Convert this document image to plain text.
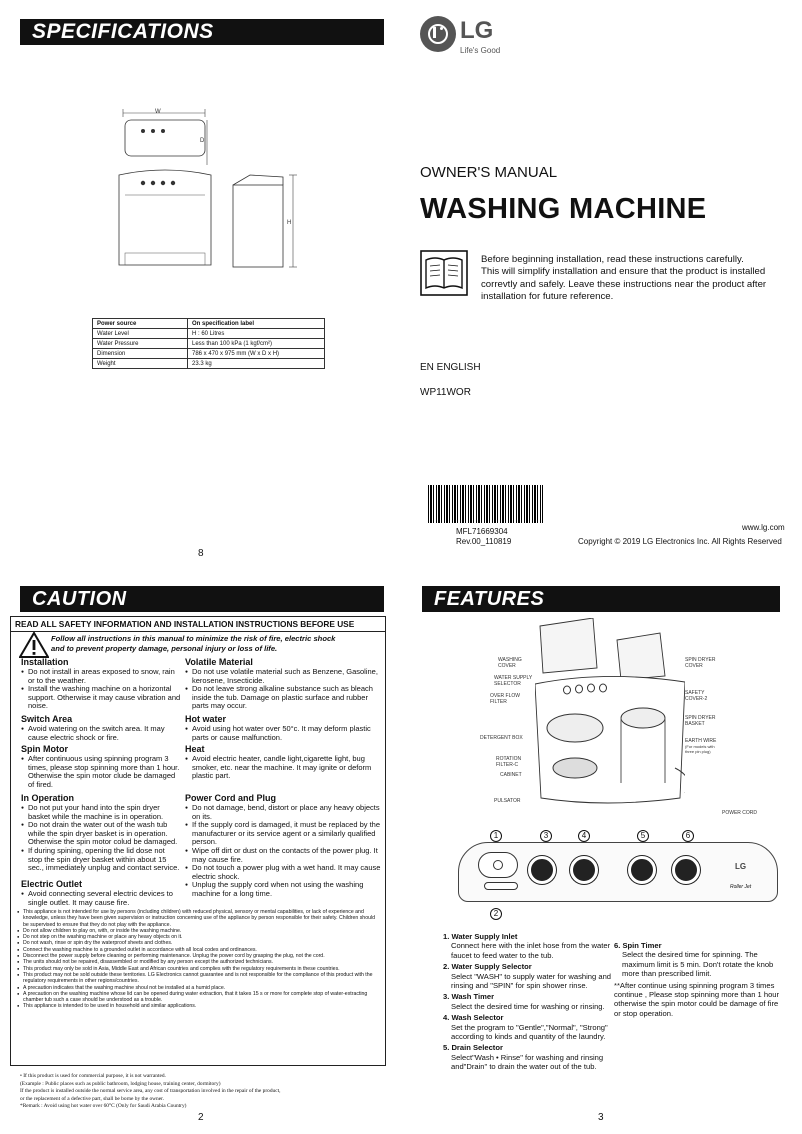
SPECIFICATIONS
W
D
H
Power source	On specification label
Water Level	H : 60 Litres
Water Pressure	Less than 100 kPa (1 kgf/cm²)
Dimension	786 x 470 x 975 mm (W x D x H)
Weight	23.3 kg
8
LG
Life's Good
OWNER'S MANUAL
WASHING MACHINE
Before beginning installation, read these instructions carefully.
This will simplify installation and ensure that the product is installed
correvtly and safely. Leave these instructions near the product after
installation for future reference.
EN ENGLISH
WP11WOR
MFL71669304
Rev.00_110819
www.lg.com
Copyright © 2019 LG Electronics Inc. All Rights Reserved
CAUTION
READ ALL SAFETY INFORMATION AND INSTALLATION INSTRUCTIONS BEFORE USE
Follow all instructions in this manual to minimize the risk of fire, electric shock
and to prevent property damage, personal injury or loss of life.
Installation

● Do not install in areas exposed to snow, rain or to the weather.

● Install the washing machine on a horizontal support. Otherwise it may cause vibration and noise.

Volatile Material

● Do not use volatile material such as Benzene, Gasoline, kerosene, Insecticide.

● Do not leave strong alkaline substance such as bleach inside the tub. Damage on plastic surface and rubber parts may occur.

Switch Area

● Avoid watering on the switch area. It may cause electric shock or fire.

Hot water

● Avoid using hot water over 50°c. It may deform plastic parts or cause malfunction.

Spin Motor

● After continuous using spinning program 3 times, please stop spinning more than 1 hour. Otherwise the spin motor clude be damaged of fired.

Heat

● Avoid electric heater, candle light,cigarette light, bug smoker, etc. near the machine. It may ignite or deform plastic part.

In Operation

● Do not put your hand into the spin dryer basket while the machine is in operation.

● Do not drain the water out of the wash tub while the spin dryer basket is in operation. Otherwise the spin motor colud be damaged.

● If during spining, opening the lid dose not stop the spin dryer basket within about 15 sec., immediately unplug and contact service.

Power Cord and Plug

● Do not damage, bend, distort or place any heavy objects on its.

● If the supply cord is damaged, it must be replaced by the manufacturer or its service agent or a similarly qualified person.

● Wipe off dirt or dust on the contacts of the power plug. It may cause fire.

● Do not touch a power plug with a wet hand. It may cause electric shock.

● Unplug the supply cord when not using the washing machine for a long time.

Electric Outlet

● Avoid connecting several electric devices to single outlet. It may cause fire.

● This appliance is not intended for use by persons (including children) with reduced physical, sensory or mental capabilities, or lack of experience and knowledge, unless they have been given supervision or instruction concerning use of the appliance by person responsible for their safety. Children should be supervised to ensure that they do not play with the appliance.

● Do not allow children to play on, with, or inside the washing machine.

● Do not step on the washing machine or place any heavy objects on it.

● Do not wash, rinse or spin dry the waterproof sheets and clothes.

● Connect the washing machine to a grounded outlet in accordance with all local codes and ordinances.

● Disconnect the power supply before cleaning or performing maintenance. Unplug the power cord by grasping the plug, not the cord.

● The units should not be repaired, disassembled or modified by any person except the authorized technicians.

● This product may only be sold in Asia, Middle East and African countries and complies with the regulatory requirements in these countries.

● This product may not be sold outside these territories. LG Electronics cannot guarantee and is not responsible for the compliance of this product with the regulatory requirements in other regions/countries.

● A precaution indicates that the washing machine shoul not be installed at a humid place.

● A precaution on the washing machine whose lid can be opened during water extraction, that it takes 15 s or more for complete stop of water-extracting chamber tub such a case should be understood as a trouble.

● This appliance is intended to be used in household and similar applications.

• If this product is used for commercial purpose, it is not warranted.
(Example : Public places such as public bathroom, lodging house, training center, dormitory)
If the product is installed outside the normal service area, any cost of transportation involved in the repair of the product,
or the replacement of a defective part, shall be borne by the owner.
*Remark : Avoid using hot water over 60°C (Only for Saudi Arabia Country)
2
FEATURES
WASHING
COVER
WATER SUPPLY
SELECTOR
OVER FLOW
FILTER
DETERGENT BOX
ROTATION
FILTER-C
CABINET
PULSATOR
SPIN DRYER
COVER
SAFETY
COVER-2
SPIN DRYER
BASKET
EARTH WIRE
(For models with
three pin plug)
POWER CORD
LG
Roller Jet
1	3	4	5	6
2
1. Water Supply Inlet
Connect here with the inlet hose from the water faucet to feed water to the tub.
2. Water Supply Selector
Select "WASH" to supply water for washing and rinsing and "SPIN" for spin shower rinse.
3. Wash Timer
Select the desired time for washing or rinsing.
4. Wash Selector
Set the program to "Gentle","Normal", "Strong" according to kinds and quantity of the laundry.
5. Drain Selector
Select"Wash • Rinse" for washing and rinsing and"Drain" to drain the water out of the tub.
6. Spin Timer
Select the desired time for spinning. The maximum limit is 5 min. Don't rotate the knob more than prescribed limit.
**After continue using spinning program 3 times continue , Please stop spinning more than 1 hour otherwise the spin motor could be damage of fire or stop operation.
3
